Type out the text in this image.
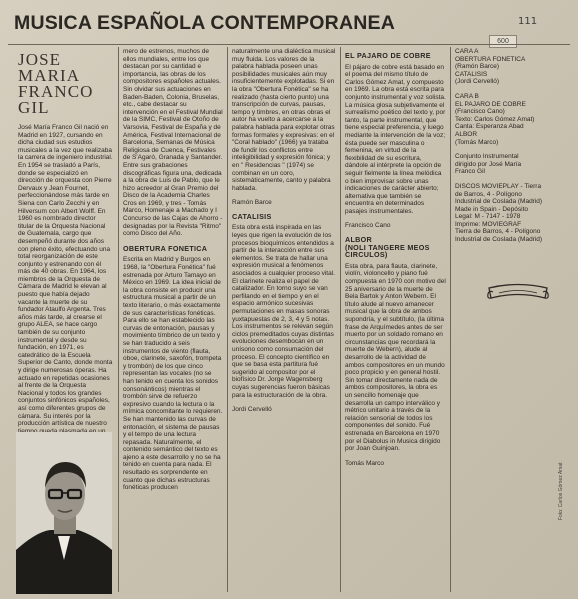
MUSICA ESPAÑOLA CONTEMPORANEA	111
600
JOSE MARIA
FRANCO GIL

José María Franco Gil nació en Madrid en 1927, cursando en dicha ciudad sus estudios musicales a la vez que realizaba la carrera de ingeniero industrial. En 1954 se trasladó a París, donde se especializó en dirección de orquesta con Pierre Dervaux y Jean Fournet, perfeccionándose más tarde en Siena con Carlo Zecchi y en Hilversum con Albert Wolff. En 1960 es nombrado director titular de la Orquesta Nacional de Guatemala, cargo que desempeñó durante dos años con pleno éxito, efectuando una total reorganización de este conjunto y estrenando con él más de 40 obras. En 1964, los miembros de la Orquesta de Cámara de Madrid le elevan al puesto que había dejado vacante la muerte de su fundador Ataulfo Argenta. Tres años más tarde, al crearse el grupo ALEA, se hace cargo también de su conjunto instrumental y desde su fundación, en 1971, es catedrático de la Escuela Superior de Canto, donde monta y dirige numerosas óperas. Ha actuado en repetidas ocasiones al frente de la Orquesta Nacional y todos los grandes conjuntos sinfónicos españoles, así como diferentes grupos de cámara. Su interés por la producción artística de nuestro

mero de estrenos, muchos de ellos mundiales, entre los que destacan por su cantidad e importancia, las obras de los compositores españoles actuales. Sin olvidar sus actuaciones en Baden-Baden, Colonia, Bruselas, etc., cabe destacar su intervención en el Festival Mundial de la SIMC, Festival de Otoño de Varsovia, Festival de España y de América, Festival Internacional de Barcelona, Semanas de Música Religiosa de Cuenca, Festivales de S'Agaró, Granada y Santander. Entre sus grabaciones discográficas figura una, dedicada a la obra de Luis de Pablo, que le hizo acreedor al Gran Premio del Disco de la Academia Charles Cros en 1969, y tres - Tomás Marco, Homenaje a Machado y I Concurso de las Cajas de Ahorro - designadas por la Revista "Ritmo" como Disco del Año.

OBERTURA FONETICA

Escrita en Madrid y Burgos en 1968, la "Obertura Fonética" fué estrenada por Arturo Tamayo en México en 1969. La idea inicial de la obra consiste en producir una estructura musical a partir de un texto literario, o más exactamente de sus características fonéticas. Para ello se han establecido las curvas de entonación, pausas y movimiento tímbrico de un texto y se han traducido a seis instrumentos de viento (flauta, oboe, clarinete, saxofón, trompeta y trombón) de los que cinco representan las vocales (no se han tenido en cuenta los sonidos consonánticos) mientras el trombón sirve de refuerzo expresivo cuando la lectura o la mímica concomitante lo requieren. Se han mantenido las curvas de entonación, el sistema de pausas y el tempo de una lectura repasada. Naturalmente, el contenido semántico del texto es ajeno a este desarrollo y no se ha tenido en cuenta para nada. El resultado es sorprendente en cuanto que dichas estructuras fonéticas producen

naturalmente una dialéctica musical muy fluida. Los valores de la palabra hablada poseen unas posibilidades musicales aún muy insuficientemente explotadas. Si en la obra "Obertura Fonética" se ha realizado (hasta cierto punto) una transcripción de curvas, pausas, tempo y timbres, en otras obras el autor ha vuelto a acercarse a la palabra hablada para explotar otras formas formales y expresivas: en el "Coral hablado" (1966) ya trataba de fundir los conflictos entre inteligibilidad y expresión fónica; y en " Residencias " (1974) se combinan en un coro, sistemáticamente, canto y palabra hablada.

Ramón Barce
CATALISIS

Esta obra está inspirada en las leyes que rigen la evolución de los procesos bioquímicos entendidos a partir de la interacción entre sus elementos. Se trata de hallar una expresión musical a fenómenos asociados a cualquier proceso vital. El clarinete realiza el papel de catalizador. En torno suyo se van perfilando en el tiempo y en el espacio armónico sucesivas permutaciones en masas sonoras yuxtapuestas de 2, 3, 4 y 5 notas. Los instrumentos se relevan según ciclos premeditados cuyas distintas evoluciones desembocan en un unísono como consumación del proceso. El concepto científico en que se basa esta partitura fué sugerido al compositor por el biofísico Dr. Jorge Wagensberg cuyas sugerencias fueron básicas para la estructuración de la obra.

Jordi Cervelló
EL PAJARO DE COBRE

El pájaro de cobre está basado en el poema del mismo título de Carlos Gómez Amat, y compuesto en 1969. La obra está escrita para conjunto instrumental y voz solista. La música glosa subjetivamente el surrealismo poético del texto y, por tanto, la parte instrumental, que tiene especial preferencia, y luego mediante la intervención de la voz; ésta puede ser masculina o femenina, en virtud de la flexibilidad de su escritura, dándole al intérprete la opción de seguir fielmente la línea melódica o bien improvisar sobre unas indicaciones de carácter abierto; alternativa que también se encuentra en determinados pasajes instrumentales.

Francisco Cano
ALBOR
(NOLI TANGERE MEOS CIRCULOS)

Esta obra, para flauta, clarinete, violín, violoncello y piano fué compuesta en 1970 con motivo del 25 aniversario de la muerte de Bela Bartok y Anton Webern. El título alude al nuevo amanecer musical que la obra de ambos supondría, y el subtítulo, (la última frase de Arquímedes antes de ser muerto por un soldado romano en circunstancias que recordará la muerte de Webern), alude al desarrollo de la actividad de ambos compositores en un mundo poco propicio y en general hostil. Sin tomar directamente nada de ambos compositores, la obra es un sencillo homenaje que desarrolla un campo interválico y métrico unitario a través de la relación sensorial de todos los componentes del sonido. Fué estrenada en Barcelona en 1970 por el Diabolus in Musica dirigido por Joan Guinjoan.

Tomás Marco

CARA A
OBERTURA FONETICA
(Ramón Barce)
CATALISIS
(Jordi Cervelló)

CARA B
EL PAJARO DE COBRE
(Francisco Cano)
Texto: Carlos Gómez Amat)
Canta: Esperanza Abad
ALBOR
(Tomás Marco)

Conjunto Instrumental
dirigido por José María
Franco Gil

DISCOS MOVIEPLAY - Tierra
de Barros, 4 - Polígono
Industrial de Coslada (Madrid)
Made in Spain - Depósito
Legal: M - 7147 - 1978
Imprime: MOVIEGRAF
Tierra de Barros, 4 - Polígono
Industrial de Coslada (Madrid)

Foto: Carlos Gómez Amat
